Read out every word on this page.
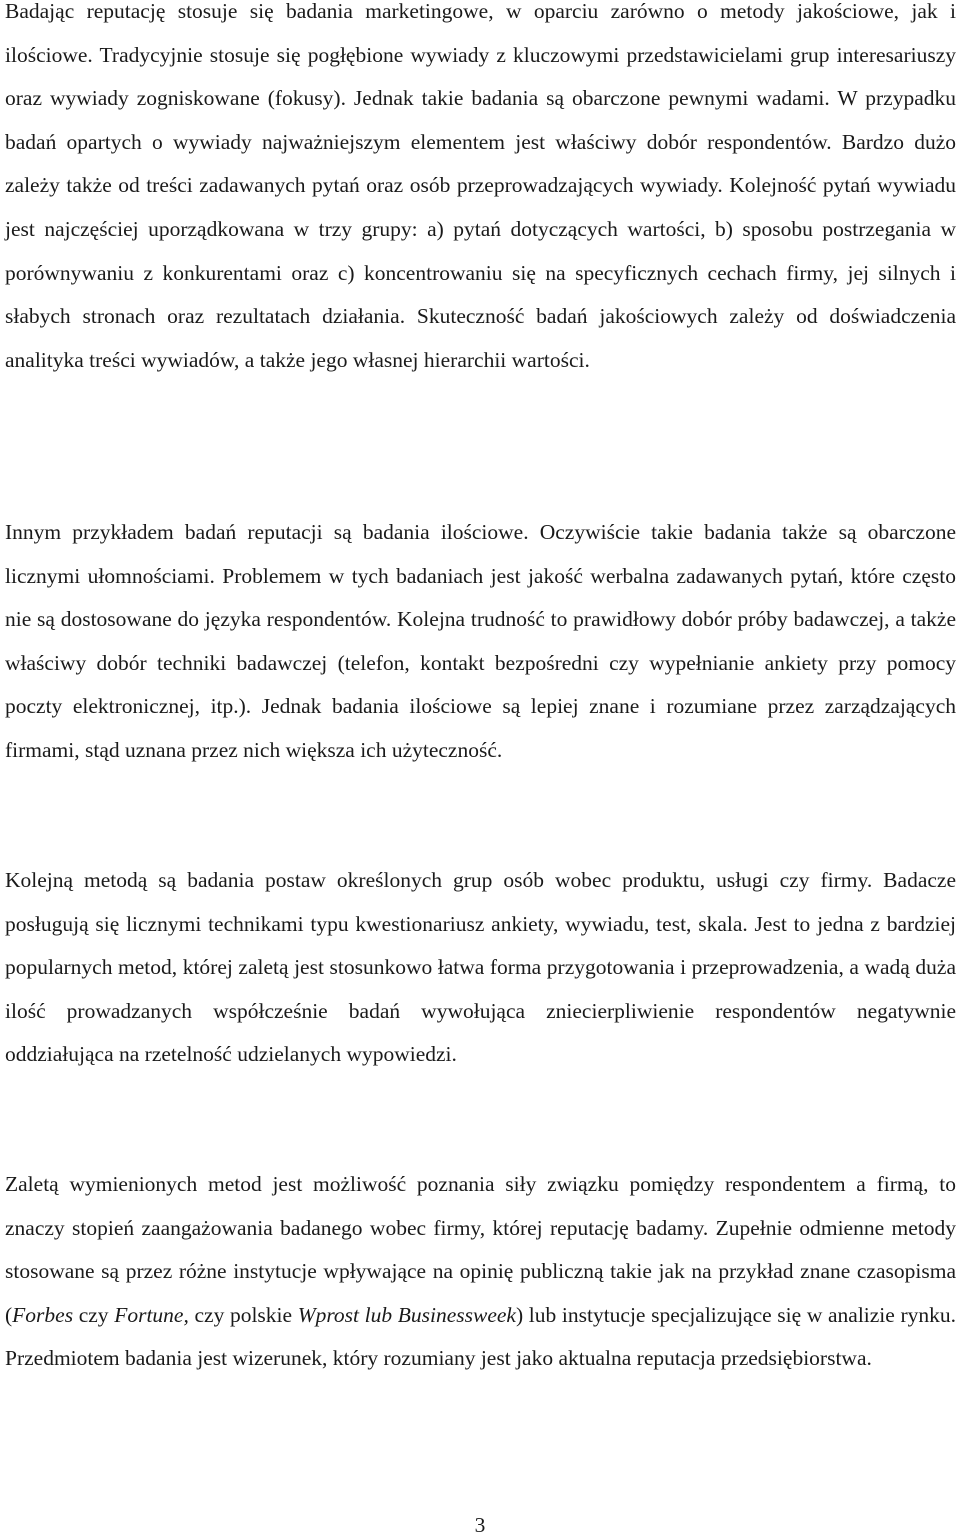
Badając reputację stosuje się badania marketingowe, w oparciu zarówno o metody jakościowe, jak i ilościowe. Tradycyjnie stosuje się pogłębione wywiady z kluczowymi przedstawicielami grup interesariuszy oraz wywiady zogniskowane (fokusy). Jednak takie badania są obarczone pewnymi wadami. W przypadku badań opartych o wywiady najważniejszym elementem jest właściwy dobór respondentów. Bardzo dużo zależy także od treści zadawanych pytań oraz osób przeprowadzających wywiady. Kolejność pytań wywiadu jest najczęściej uporządkowana w trzy grupy: a) pytań dotyczących wartości, b) sposobu postrzegania w porównywaniu z konkurentami oraz c) koncentrowaniu się na specyficznych cechach firmy, jej silnych i słabych stronach oraz rezultatach działania. Skuteczność badań jakościowych zależy od doświadczenia analityka treści wywiadów, a także jego własnej hierarchii wartości.

Innym przykładem badań reputacji są badania ilościowe. Oczywiście takie badania także są obarczone licznymi ułomnościami. Problemem w tych badaniach jest jakość werbalna zadawanych pytań, które często nie są dostosowane do języka respondentów. Kolejna trudność to prawidłowy dobór próby badawczej, a także właściwy dobór techniki badawczej (telefon, kontakt bezpośredni czy wypełnianie ankiety przy pomocy poczty elektronicznej, itp.). Jednak badania ilościowe są lepiej znane i rozumiane przez zarządzających firmami, stąd uznana przez nich większa ich użyteczność.

Kolejną metodą są badania postaw określonych grup osób wobec produktu, usługi czy firmy. Badacze posługują się licznymi technikami typu kwestionariusz ankiety, wywiadu, test, skala. Jest to jedna z bardziej popularnych metod, której zaletą jest stosunkowo łatwa forma przygotowania i przeprowadzenia, a wadą duża ilość prowadzanych współcześnie badań wywołująca zniecierpliwienie respondentów negatywnie oddziałująca na rzetelność udzielanych wypowiedzi.

Zaletą wymienionych metod jest możliwość poznania siły związku pomiędzy respondentem a firmą, to znaczy stopień zaangażowania badanego wobec firmy, której reputację badamy. Zupełnie odmienne metody stosowane są przez różne instytucje wpływające na opinię publiczną takie jak na przykład znane czasopisma (Forbes czy Fortune, czy polskie Wprost lub Businessweek) lub instytucje specjalizujące się w analizie rynku. Przedmiotem badania jest wizerunek, który rozumiany jest jako aktualna reputacja przedsiębiorstwa.

3
